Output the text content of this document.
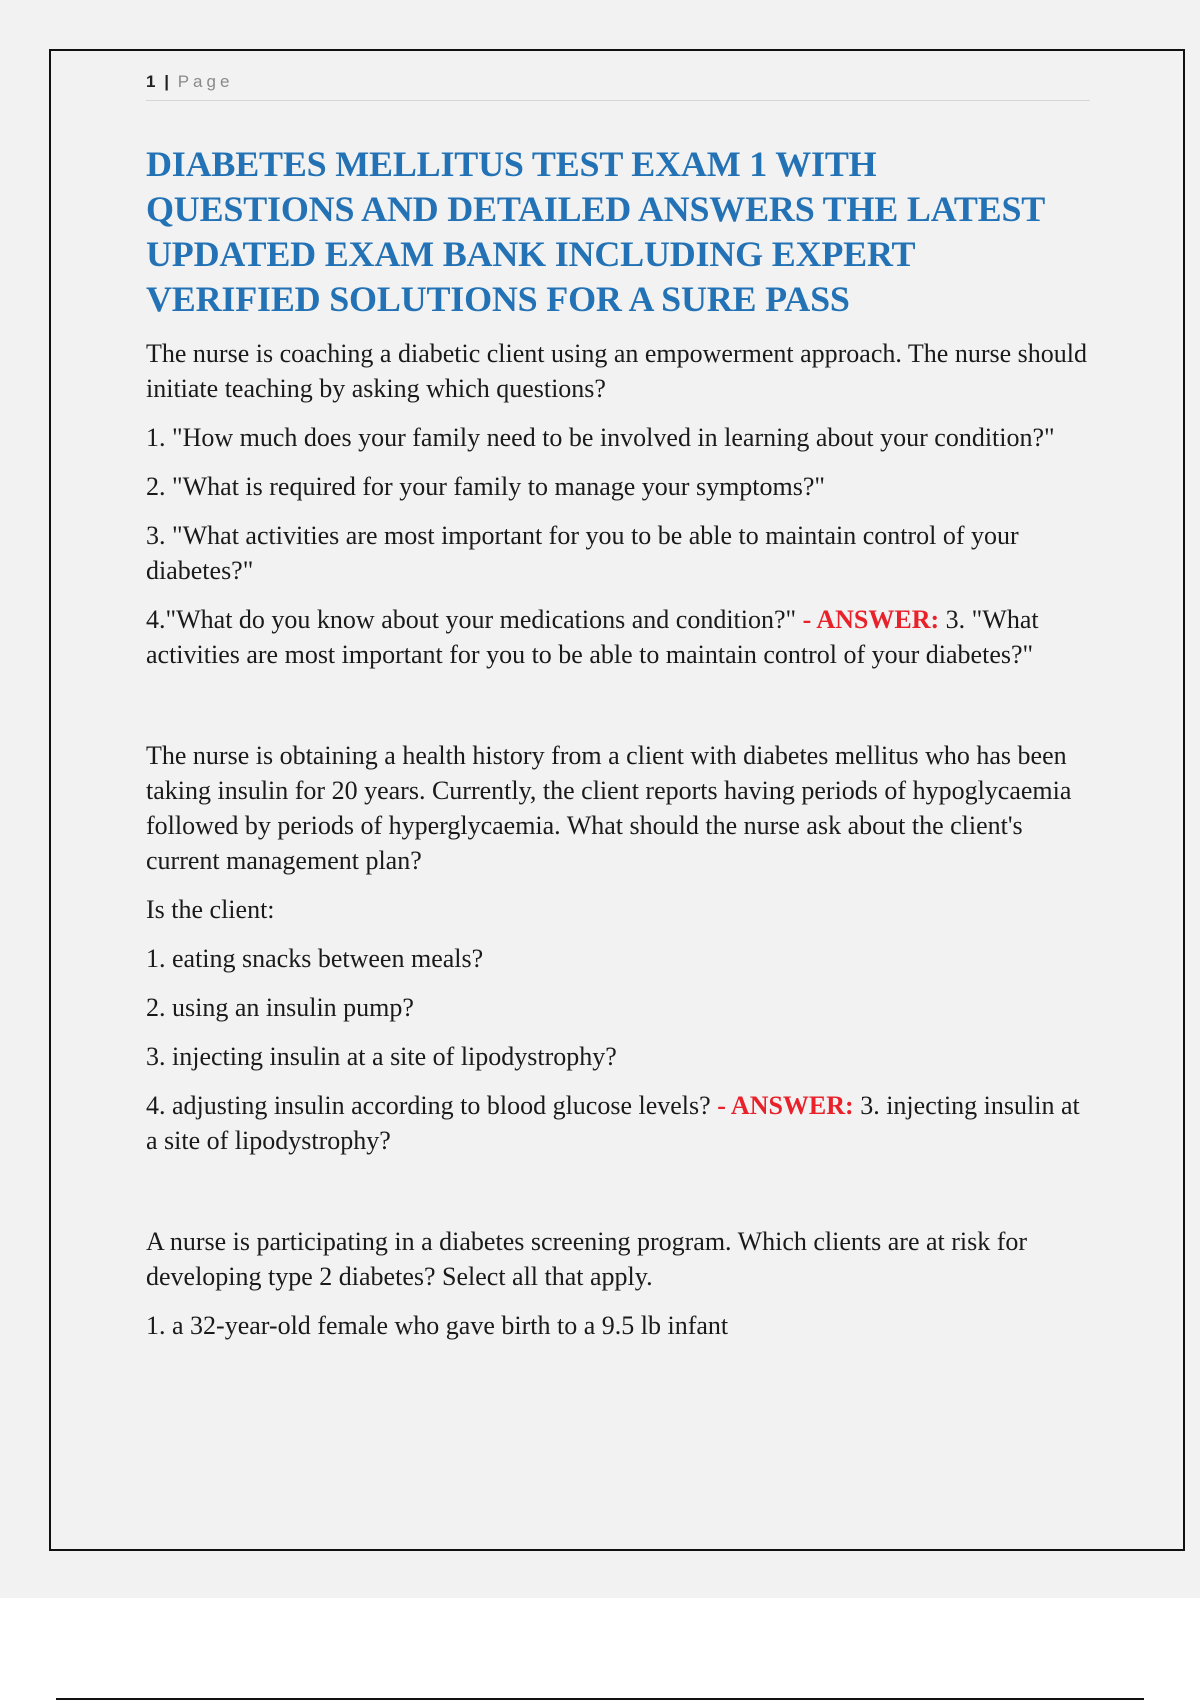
1 | Page
DIABETES MELLITUS TEST EXAM 1 WITH QUESTIONS AND DETAILED ANSWERS THE LATEST UPDATED EXAM BANK INCLUDING EXPERT VERIFIED SOLUTIONS FOR A SURE PASS

The nurse is coaching a diabetic client using an empowerment approach. The nurse should initiate teaching by asking which questions?

1. "How much does your family need to be involved in learning about your condition?"

2. "What is required for your family to manage your symptoms?"

3. "What activities are most important for you to be able to maintain control of your diabetes?"

4."What do you know about your medications and condition?" - ANSWER: 3. "What activities are most important for you to be able to maintain control of your diabetes?"

The nurse is obtaining a health history from a client with diabetes mellitus who has been taking insulin for 20 years. Currently, the client reports having periods of hypoglycaemia followed by periods of hyperglycaemia. What should the nurse ask about the client's current management plan?

Is the client:

1. eating snacks between meals?

2. using an insulin pump?

3. injecting insulin at a site of lipodystrophy?

4. adjusting insulin according to blood glucose levels? - ANSWER: 3. injecting insulin at a site of lipodystrophy?

A nurse is participating in a diabetes screening program. Which clients are at risk for developing type 2 diabetes? Select all that apply.

1. a 32-year-old female who gave birth to a 9.5 lb infant
